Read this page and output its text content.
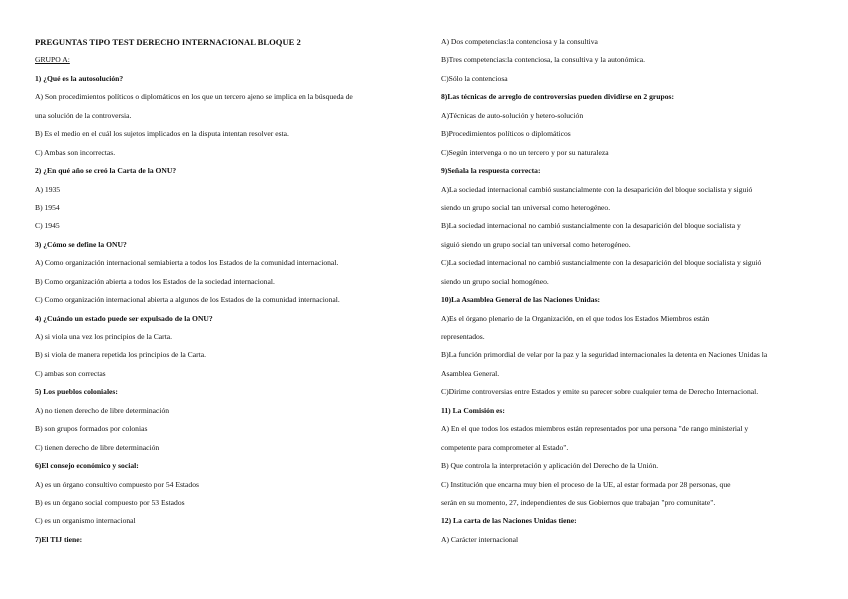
PREGUNTAS TIPO TEST DERECHO INTERNACIONAL BLOQUE 2
GRUPO A:
1) ¿Qué es la autosolución?
A) Son procedimientos políticos o diplomáticos en los que un tercero ajeno se implica en la búsqueda de
una solución de la controversia.
B) Es el medio en el cuál los sujetos implicados en la disputa intentan resolver esta.
C) Ambas son incorrectas.
2) ¿En qué año se creó la Carta de la ONU?
A) 1935
B) 1954
C) 1945
3) ¿Cómo se define la ONU?
A) Como organización internacional semiabierta a todos los Estados de la comunidad internacional.
B) Como organización abierta a todos los Estados de la sociedad internacional.
C) Como organización internacional abierta a algunos de los Estados de la comunidad internacional.
4) ¿Cuándo un estado puede ser expulsado de la ONU?
A) si viola una vez los principios de la Carta.
B) si viola de manera repetida los principios de la Carta.
C) ambas son correctas
5) Los pueblos coloniales:
A) no tienen derecho de libre determinación
B) son grupos formados por colonias
C) tienen derecho de libre determinación
6)El consejo económico y social:
A) es un órgano consultivo compuesto por 54 Estados
B) es un órgano social compuesto por 53 Estados
C) es un organismo internacional
7)El TIJ tiene:
A) Dos competencias:la contenciosa y la consultiva
B)Tres competencias:la contenciosa, la consultiva y la autonómica.
C)Sólo la contenciosa
8)Las técnicas de arreglo de controversias pueden dividirse en 2 grupos:
A)Técnicas de auto-solución y hetero-solución
B)Procedimientos políticos o diplomáticos
C)Según intervenga o no un tercero y por su naturaleza
9)Señala la respuesta correcta:
A)La sociedad internacional cambió sustancialmente con la desaparición del bloque socialista y siguió
siendo un grupo social tan universal como heterogéneo.
B)La sociedad internacional no cambió sustancialmente con la desaparición del bloque socialista y
siguió siendo un grupo social tan universal como heterogéneo.
C)La sociedad internacional no cambió sustancialmente con la desaparición del bloque socialista y siguió
siendo un grupo social homogéneo.
10)La Asamblea General de las Naciones Unidas:
A)Es el órgano plenario de la Organización, en el que todos los Estados Miembros están
representados.
B)La función primordial de velar por la paz y la seguridad internacionales la detenta en Naciones Unidas la
Asamblea General.
C)Dirime controversias entre Estados y emite su parecer sobre cualquier tema de Derecho Internacional.
11) La Comisión es:
A) En el que todos los estados miembros están representados por una persona "de rango ministerial y
competente para comprometer al Estado".
B) Que controla la interpretación y aplicación del Derecho de la Unión.
C) Institución que encarna muy bien el proceso de la UE, al estar formada por 28 personas, que
serán en su momento, 27, independientes de sus Gobiernos que trabajan "pro comunitate".
12) La carta de las Naciones Unidas tiene:
A) Carácter internacional
